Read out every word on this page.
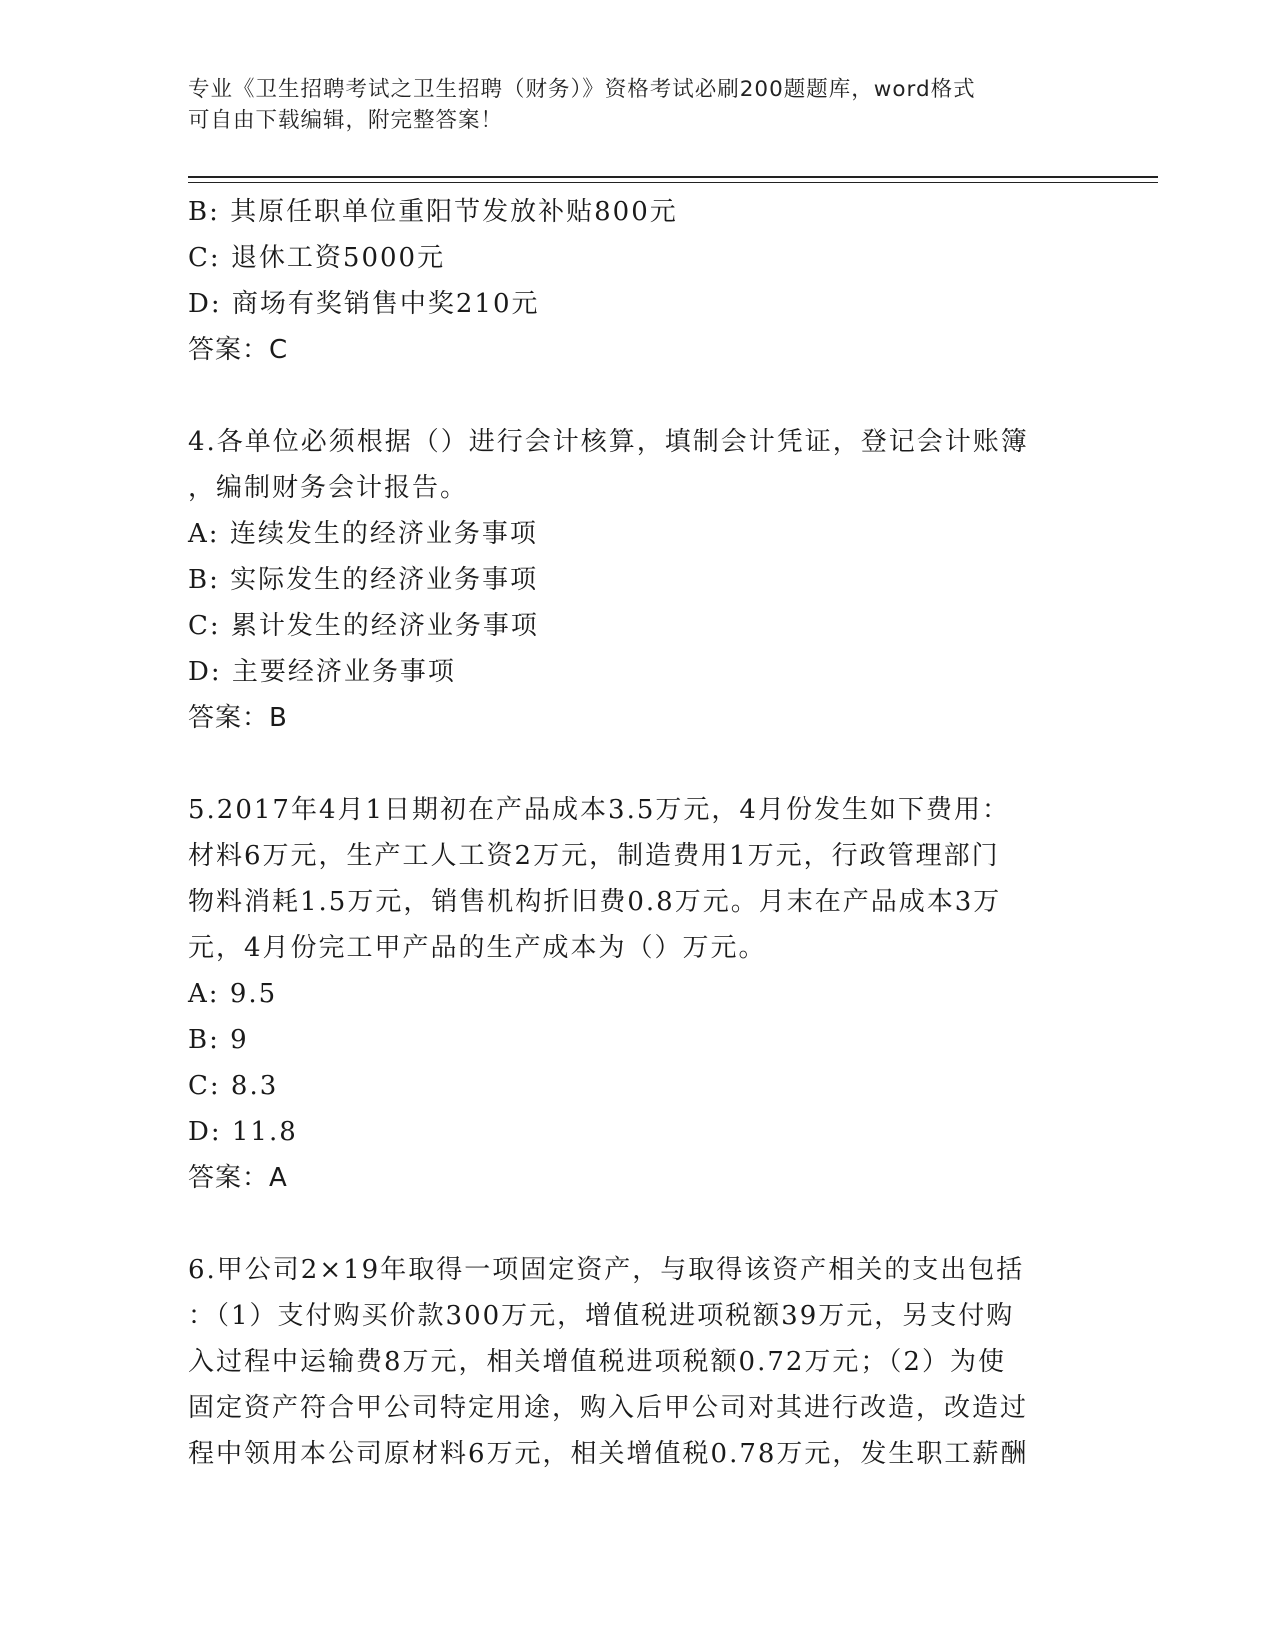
专业《卫生招聘考试之卫生招聘（财务）》资格考试必刷200题题库，word格式
可自由下载编辑，附完整答案！
B: 其原任职单位重阳节发放补贴800元
C: 退休工资5000元
D: 商场有奖销售中奖210元
答案：C
4.各单位必须根据（）进行会计核算，填制会计凭证，登记会计账簿
，编制财务会计报告。
A: 连续发生的经济业务事项
B: 实际发生的经济业务事项
C: 累计发生的经济业务事项
D: 主要经济业务事项
答案：B
5.2017年4月1日期初在产品成本3.5万元，4月份发生如下费用：
材料6万元，生产工人工资2万元，制造费用1万元，行政管理部门
物料消耗1.5万元，销售机构折旧费0.8万元。月末在产品成本3万
元，4月份完工甲产品的生产成本为（）万元。
A: 9.5
B: 9
C: 8.3
D: 11.8
答案：A
6.甲公司2×19年取得一项固定资产，与取得该资产相关的支出包括
：（1）支付购买价款300万元，增值税进项税额39万元，另支付购
入过程中运输费8万元，相关增值税进项税额0.72万元；（2）为使
固定资产符合甲公司特定用途，购入后甲公司对其进行改造，改造过
程中领用本公司原材料6万元，相关增值税0.78万元，发生职工薪酬
